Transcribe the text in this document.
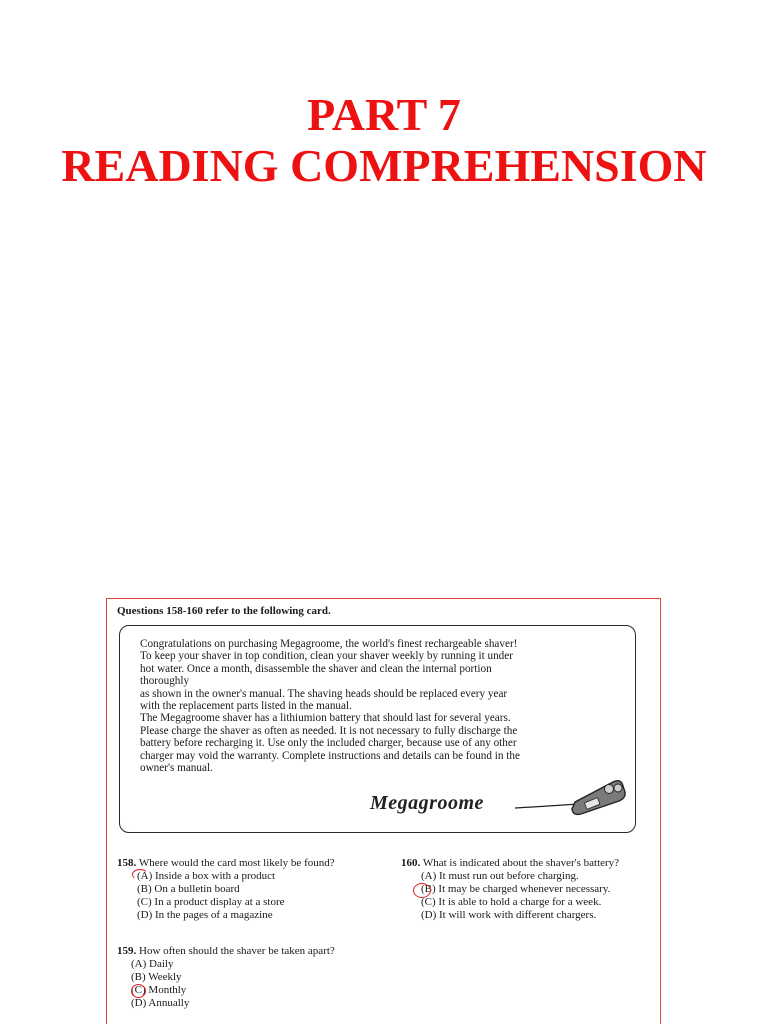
PART 7
READING COMPREHENSION
Questions 158-160 refer to the following card.

Congratulations on purchasing Megagroome, the world's finest rechargeable shaver!
To keep your shaver in top condition, clean your shaver weekly by running it under
hot water. Once a month, disassemble the shaver and clean the internal portion
thoroughly
as shown in the owner's manual. The shaving heads should be replaced every year
with the replacement parts listed in the manual.
The Megagroome shaver has a lithiumion battery that should last for several years.
Please charge the shaver as often as needed. It is not necessary to fully discharge the
battery before recharging it. Use only the included charger, because use of any other
charger may void the warranty. Complete instructions and details can be found in the
owner's manual.

Megagroome
158. Where would the card most likely be found?
(A) Inside a box with a product
(B) On a bulletin board
(C) In a product display at a store
(D) In the pages of a magazine
160. What is indicated about the shaver's battery?
(A) It must run out before charging.
(B) It may be charged whenever necessary.
(C) It is able to hold a charge for a week.
(D) It will work with different chargers.
159. How often should the shaver be taken apart?
(A) Daily
(B) Weekly
(C) Monthly
(D) Annually
